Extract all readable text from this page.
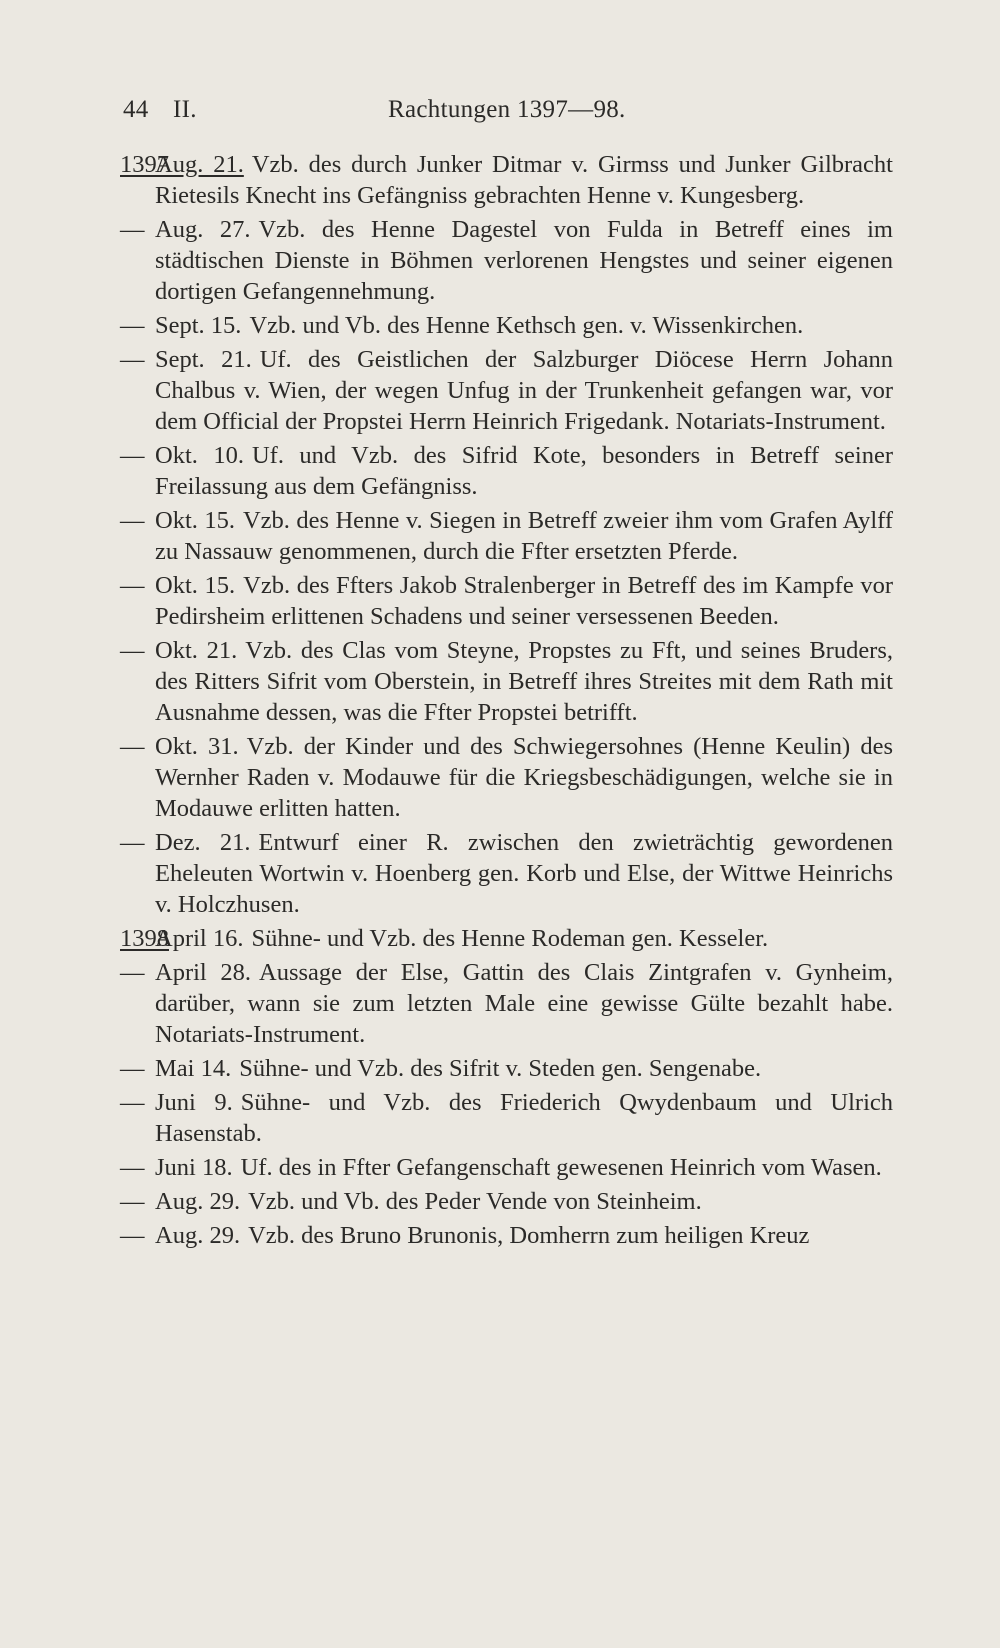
44 II.	Rachtungen 1397—98.
1397
Aug. 21. Vzb. des durch Junker Ditmar v. Girmss und Junker Gilbracht Rietesils Knecht ins Gefängniss gebrachten Henne v. Kungesberg.
— Aug. 27. Vzb. des Henne Dagestel von Fulda in Betreff eines im städtischen Dienste in Böhmen verlorenen Hengstes und seiner eigenen dortigen Gefangennehmung.
— Sept. 15. Vzb. und Vb. des Henne Kethsch gen. v. Wissenkirchen.
— Sept. 21. Uf. des Geistlichen der Salzburger Diöcese Herrn Johann Chalbus v. Wien, der wegen Unfug in der Trunkenheit gefangen war, vor dem Official der Propstei Herrn Heinrich Frigedank. Notariats-Instrument.
— Okt. 10. Uf. und Vzb. des Sifrid Kote, besonders in Betreff seiner Freilassung aus dem Gefängniss.
— Okt. 15. Vzb. des Henne v. Siegen in Betreff zweier ihm vom Grafen Aylff zu Nassauw genommenen, durch die Ffter ersetzten Pferde.
— Okt. 15. Vzb. des Ffters Jakob Stralenberger in Betreff des im Kampfe vor Pedirsheim erlittenen Schadens und seiner versessenen Beeden.
— Okt. 21. Vzb. des Clas vom Steyne, Propstes zu Fft, und seines Bruders, des Ritters Sifrit vom Oberstein, in Betreff ihres Streites mit dem Rath mit Ausnahme dessen, was die Ffter Propstei betrifft.
— Okt. 31. Vzb. der Kinder und des Schwiegersohnes (Henne Keulin) des Wernher Raden v. Modauwe für die Kriegsbeschädigungen, welche sie in Modauwe erlitten hatten.
— Dez. 21. Entwurf einer R. zwischen den zwieträchtig gewordenen Eheleuten Wortwin v. Hoenberg gen. Korb und Else, der Wittwe Heinrichs v. Holczhusen.
1398
April 16. Sühne- und Vzb. des Henne Rodeman gen. Kesseler.
— April 28. Aussage der Else, Gattin des Clais Zintgrafen v. Gynheim, darüber, wann sie zum letzten Male eine gewisse Gülte bezahlt habe. Notariats-Instrument.
— Mai 14. Sühne- und Vzb. des Sifrit v. Steden gen. Sengenabe.
— Juni 9. Sühne- und Vzb. des Friederich Qwydenbaum und Ulrich Hasenstab.
— Juni 18. Uf. des in Ffter Gefangenschaft gewesenen Heinrich vom Wasen.
— Aug. 29. Vzb. und Vb. des Peder Vende von Steinheim.
— Aug. 29. Vzb. des Bruno Brunonis, Domherrn zum heiligen Kreuz
